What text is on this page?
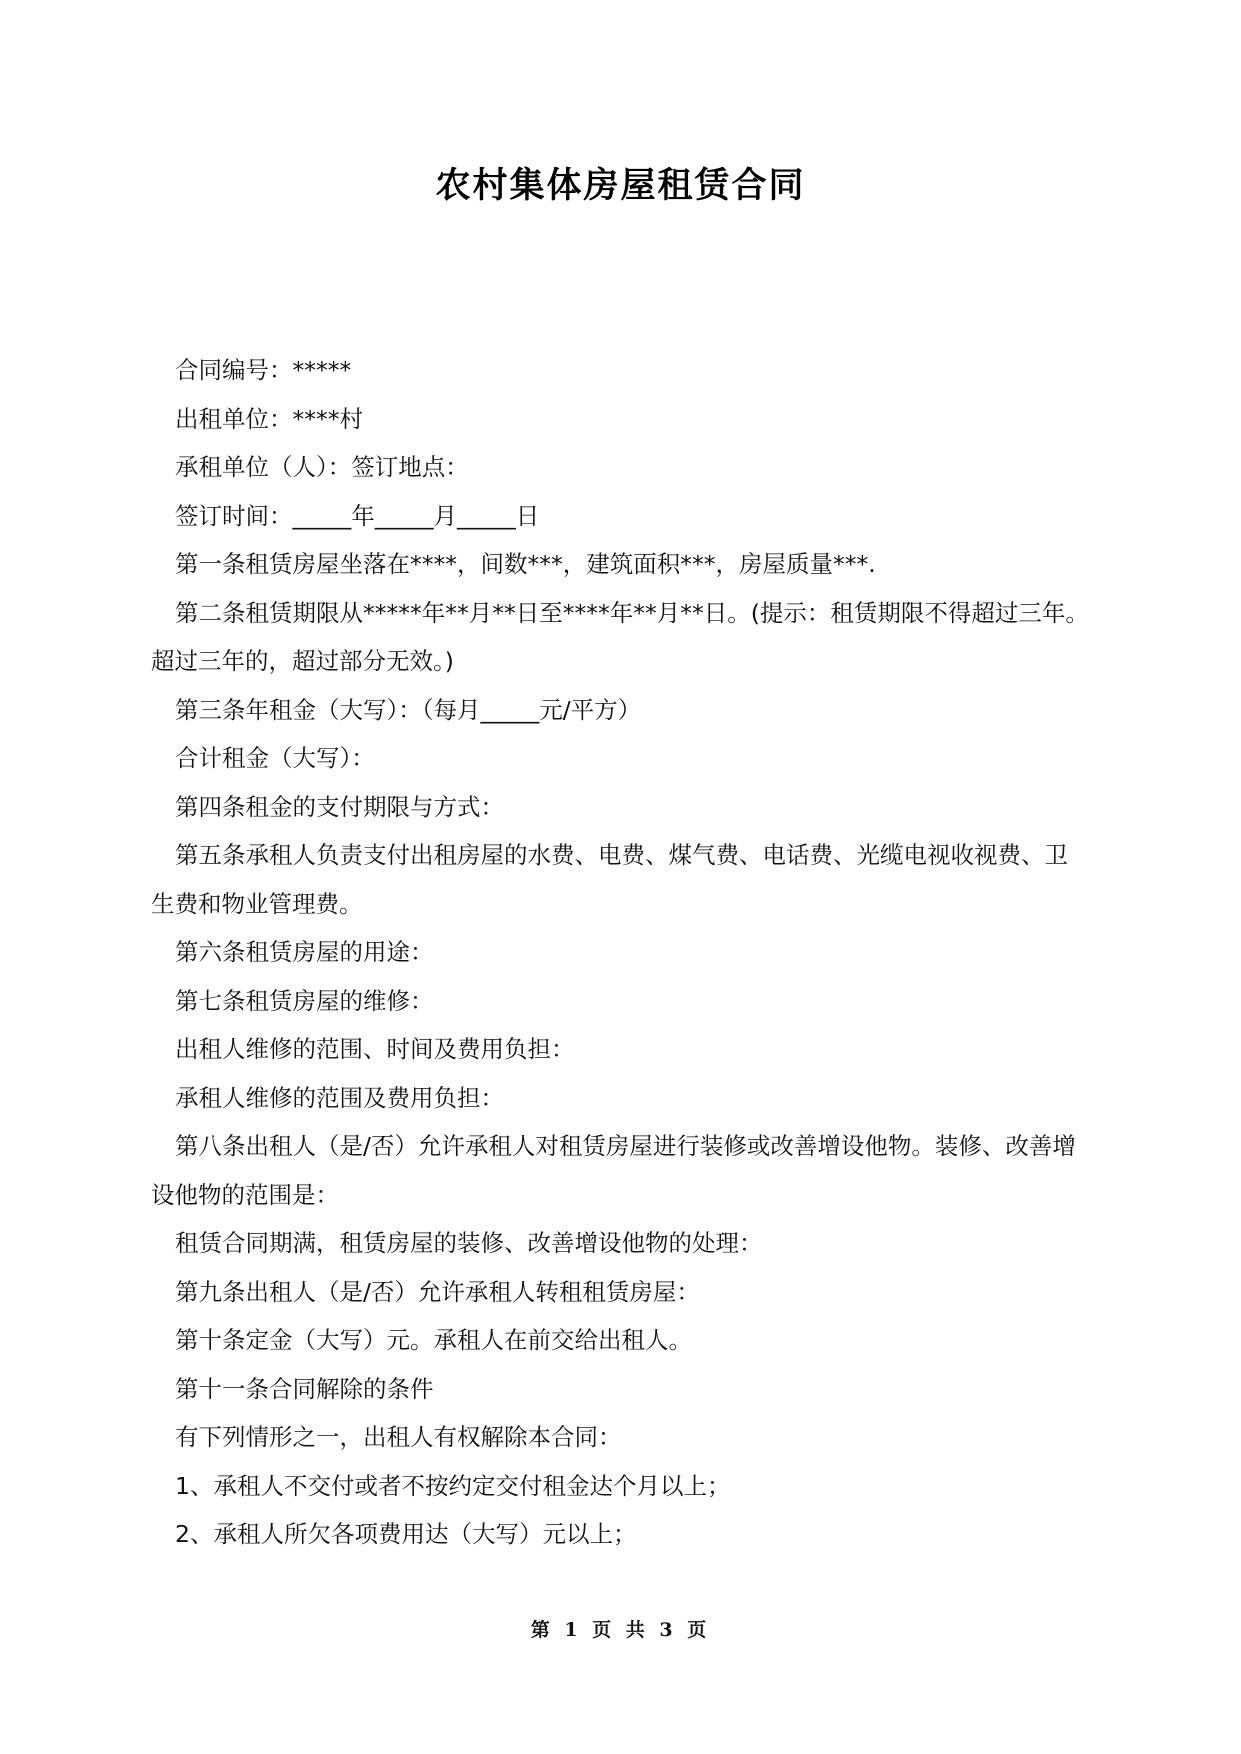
农村集体房屋租赁合同

合同编号：*****

出租单位：****村

承租单位（人）：签订地点：

签订时间：_____年_____月_____日

第一条租赁房屋坐落在****，间数***，建筑面积***，房屋质量***.

第二条租赁期限从*****年**月**日至****年**月**日。(提示：租赁期限不得超过三年。超过三年的，超过部分无效。)

第三条年租金（大写）：（每月_____元/平方）

合计租金（大写）：

第四条租金的支付期限与方式：

第五条承租人负责支付出租房屋的水费、电费、煤气费、电话费、光缆电视收视费、卫生费和物业管理费。

第六条租赁房屋的用途：

第七条租赁房屋的维修：

出租人维修的范围、时间及费用负担：

承租人维修的范围及费用负担：

第八条出租人（是/否）允许承租人对租赁房屋进行装修或改善增设他物。装修、改善增设他物的范围是：

租赁合同期满，租赁房屋的装修、改善增设他物的处理：

第九条出租人（是/否）允许承租人转租租赁房屋：

第十条定金（大写）元。承租人在前交给出租人。

第十一条合同解除的条件

有下列情形之一，出租人有权解除本合同：

1、承租人不交付或者不按约定交付租金达个月以上；

2、承租人所欠各项费用达（大写）元以上；

第 1 页 共 3 页
